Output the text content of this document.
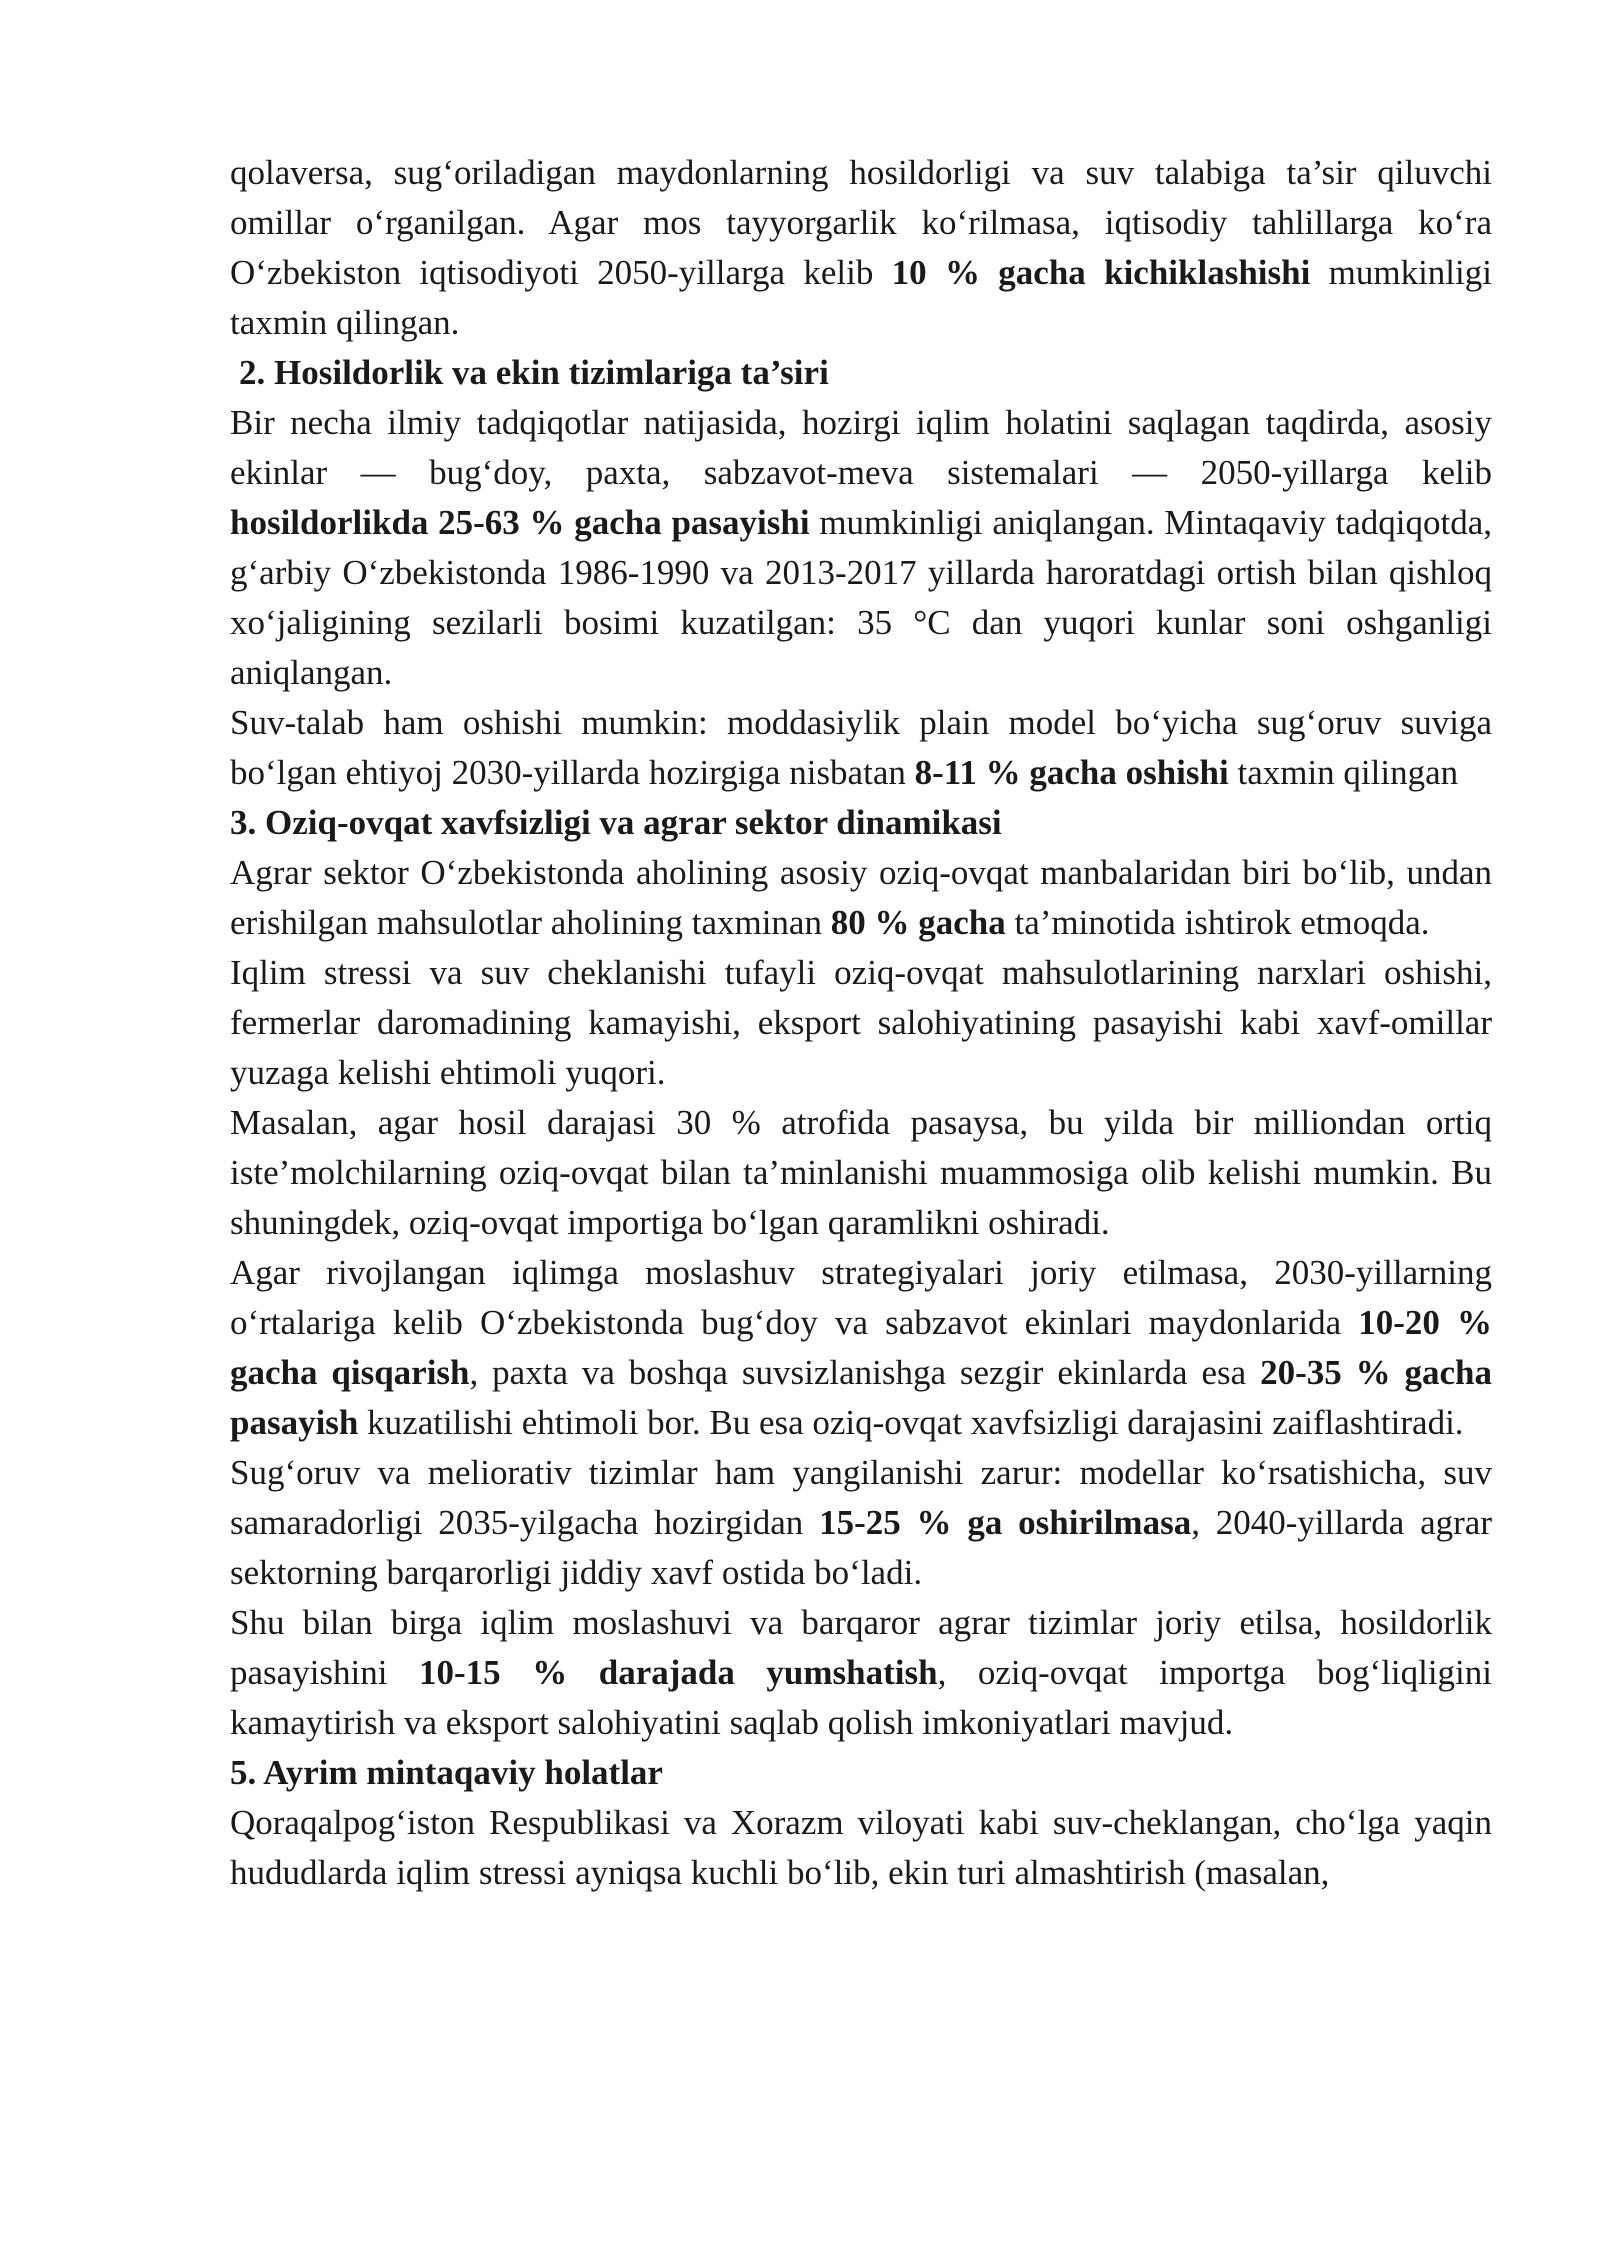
qolaversa, sug‘oriladigan maydonlarning hosildorligi va suv talabiga ta’sir qiluvchi omillar o‘rganilgan. Agar mos tayyorgarlik ko‘rilmasa, iqtisodiy tahlillarga ko‘ra O‘zbekiston iqtisodiyoti 2050-yillarga kelib 10 % gacha kichiklashishi mumkinligi taxmin qilingan.

2. Hosildorlik va ekin tizimlariga ta’siri

Bir necha ilmiy tadqiqotlar natijasida, hozirgi iqlim holatini saqlagan taqdirda, asosiy ekinlar — bug‘doy, paxta, sabzavot-meva sistemalari — 2050-yillarga kelib hosildorlikda 25-63 % gacha pasayishi mumkinligi aniqlangan. Mintaqaviy tadqiqotda, g‘arbiy O‘zbekistonda 1986-1990 va 2013-2017 yillarda haroratdagi ortish bilan qishloq xo‘jaligining sezilarli bosimi kuzatilgan: 35 °C dan yuqori kunlar soni oshganligi aniqlangan.

Suv-talab ham oshishi mumkin: moddasiylik plain model bo‘yicha sug‘oruv suviga bo‘lgan ehtiyoj 2030-yillarda hozirgiga nisbatan 8-11 % gacha oshishi taxmin qilingan

3. Oziq-ovqat xavfsizligi va agrar sektor dinamikasi

Agrar sektor O‘zbekistonda aholining asosiy oziq-ovqat manbalaridan biri bo‘lib, undan erishilgan mahsulotlar aholining taxminan 80 % gacha ta’minotida ishtirok etmoqda.

Iqlim stressi va suv cheklanishi tufayli oziq-ovqat mahsulotlarining narxlari oshishi, fermerlar daromadining kamayishi, eksport salohiyatining pasayishi kabi xavf-omillar yuzaga kelishi ehtimoli yuqori.

Masalan, agar hosil darajasi 30 % atrofida pasaysa, bu yilda bir milliondan ortiq iste’molchilarning oziq-ovqat bilan ta’minlanishi muammosiga olib kelishi mumkin. Bu shuningdek, oziq-ovqat importiga bo‘lgan qaramlikni oshiradi.

Agar rivojlangan iqlimga moslashuv strategiyalari joriy etilmasa, 2030-yillarning o‘rtalariga kelib O‘zbekistonda bug‘doy va sabzavot ekinlari maydonlarida 10-20 % gacha qisqarish, paxta va boshqa suvsizlanishga sezgir ekinlarda esa 20-35 % gacha pasayish kuzatilishi ehtimoli bor. Bu esa oziq-ovqat xavfsizligi darajasini zaiflashtiradi.

Sug‘oruv va meliorativ tizimlar ham yangilanishi zarur: modellar ko‘rsatishicha, suv samaradorligi 2035-yilgacha hozirgidan 15-25 % ga oshirilmasa, 2040-yillarda agrar sektorning barqarorligi jiddiy xavf ostida bo‘ladi.

Shu bilan birga iqlim moslashuvi va barqaror agrar tizimlar joriy etilsa, hosildorlik pasayishini 10-15 % darajada yumshatish, oziq-ovqat importga bog‘liqligini kamaytirish va eksport salohiyatini saqlab qolish imkoniyatlari mavjud.

5. Ayrim mintaqaviy holatlar

Qoraqalpog‘iston Respublikasi va Xorazm viloyati kabi suv-cheklangan, cho‘lga yaqin hududlarda iqlim stressi ayniqsa kuchli bo‘lib, ekin turi almashtirish (masalan,
